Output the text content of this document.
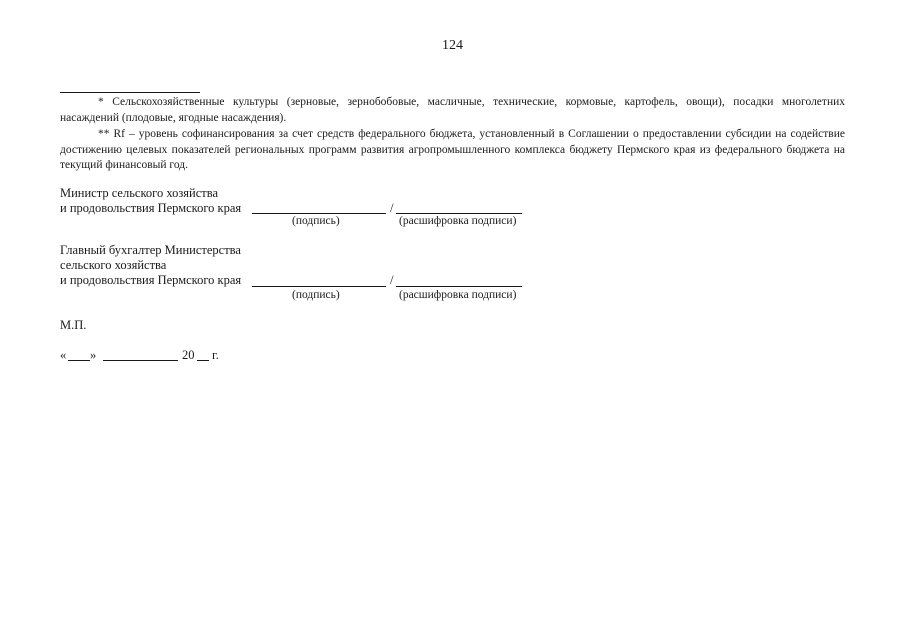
124
* Сельскохозяйственные культуры (зерновые, зернобобовые, масличные, технические, кормовые, картофель, овощи), посадки многолетних насаждений (плодовые, ягодные насаждения).
** Rf – уровень софинансирования за счет средств федерального бюджета, установленный в Соглашении о предоставлении субсидии на содействие достижению целевых показателей региональных программ развития агропромышленного комплекса бюджету Пермского края из федерального бюджета на текущий финансовый год.
Министр сельского хозяйства
и продовольствия Пермского края	/
(подпись)	(расшифровка подписи)
Главный бухгалтер Министерства
сельского хозяйства
и продовольствия Пермского края	/
(подпись)	(расшифровка подписи)
М.П.
« »	20 г.
